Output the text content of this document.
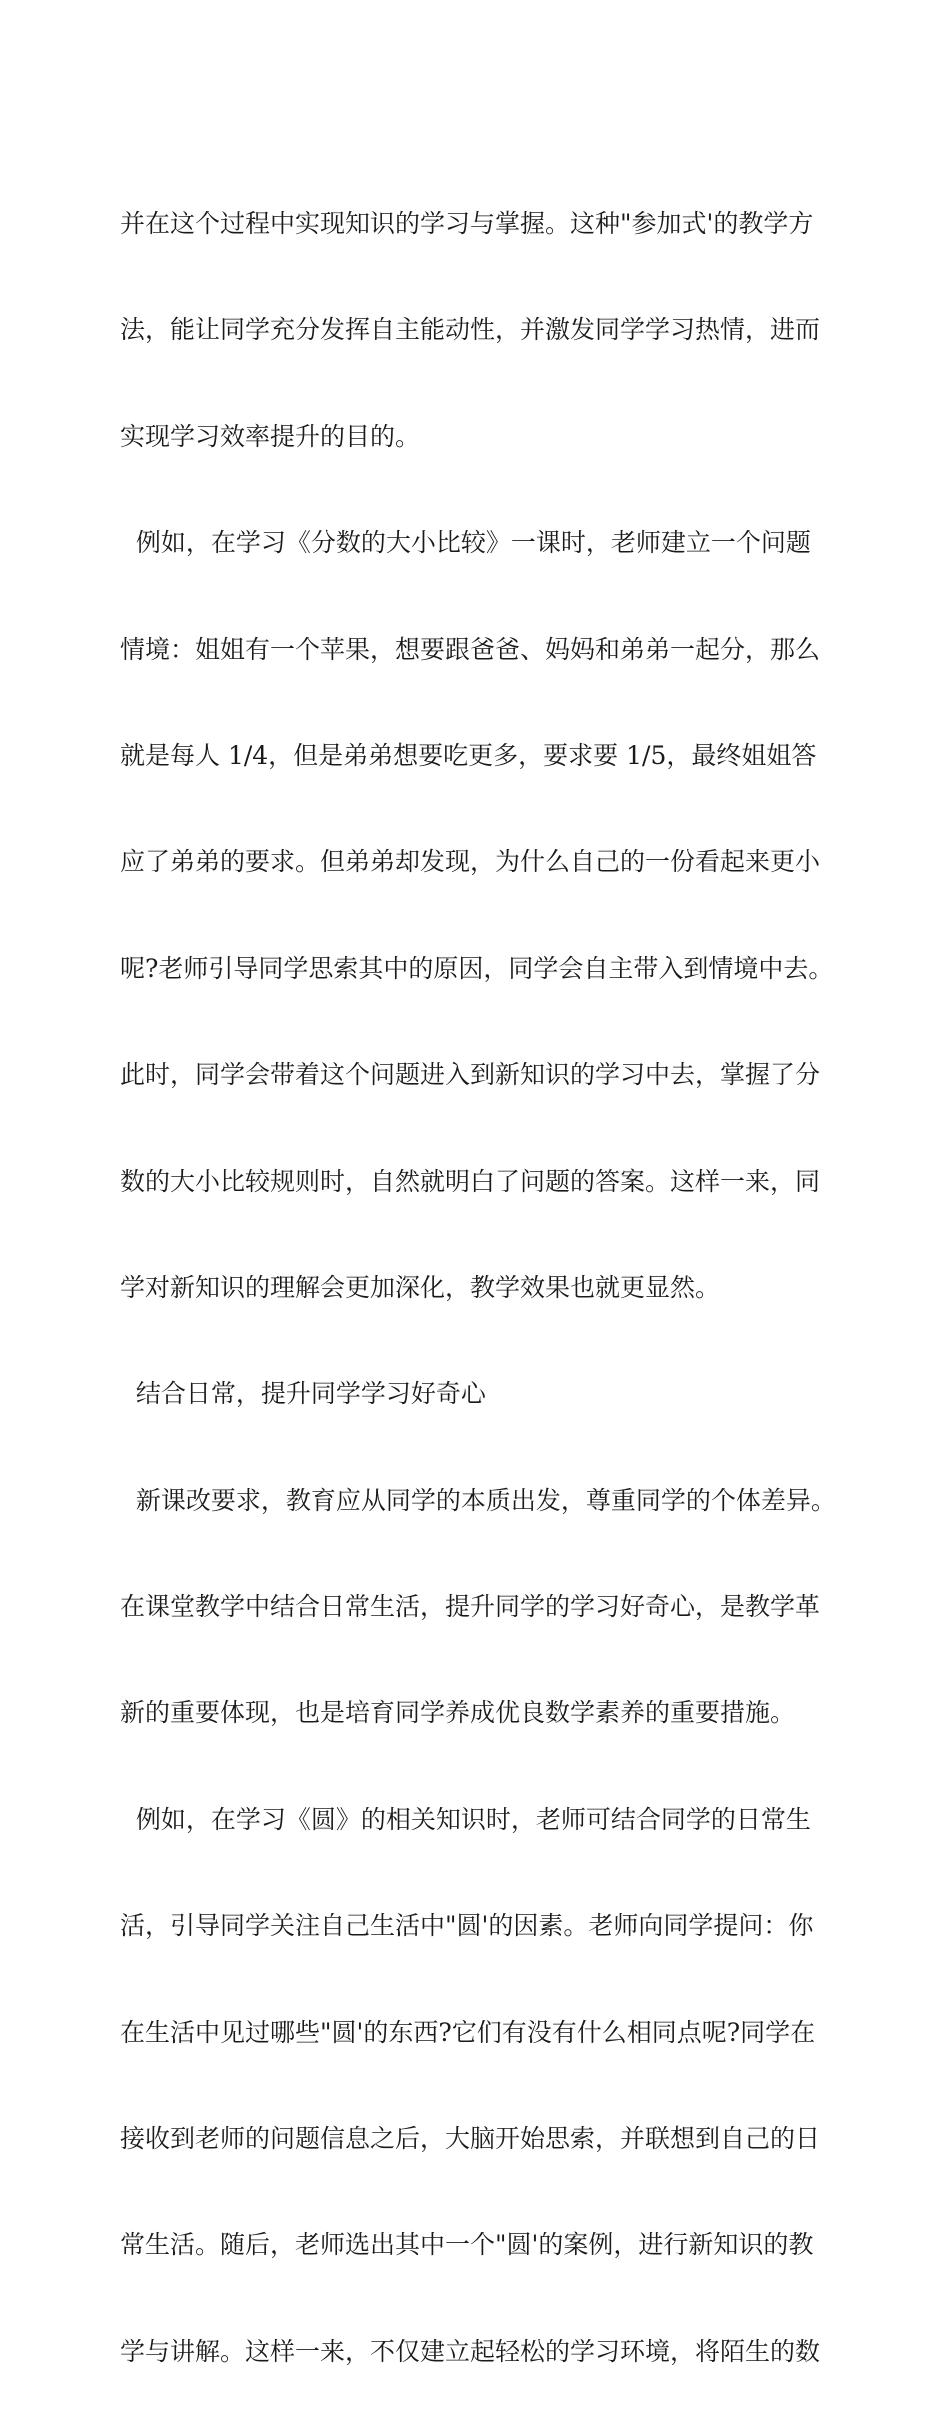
并在这个过程中实现知识的学习与掌握。这种"参加式'的教学方

法，能让同学充分发挥自主能动性，并激发同学学习热情，进而

实现学习效率提升的目的。

例如，在学习《分数的大小比较》一课时，老师建立一个问题

情境：姐姐有一个苹果，想要跟爸爸、妈妈和弟弟一起分，那么

就是每人 1/4，但是弟弟想要吃更多，要求要 1/5，最终姐姐答

应了弟弟的要求。但弟弟却发现，为什么自己的一份看起来更小

呢?老师引导同学思索其中的原因，同学会自主带入到情境中去。

此时，同学会带着这个问题进入到新知识的学习中去，掌握了分

数的大小比较规则时，自然就明白了问题的答案。这样一来，同

学对新知识的理解会更加深化，教学效果也就更显然。

结合日常，提升同学学习好奇心

新课改要求，教育应从同学的本质出发，尊重同学的个体差异。

在课堂教学中结合日常生活，提升同学的学习好奇心，是教学革

新的重要体现，也是培育同学养成优良数学素养的重要措施。

例如，在学习《圆》的相关知识时，老师可结合同学的日常生

活，引导同学关注自己生活中"圆'的因素。老师向同学提问：你

在生活中见过哪些"圆'的东西?它们有没有什么相同点呢?同学在

接收到老师的问题信息之后，大脑开始思索，并联想到自己的日

常生活。随后，老师选出其中一个"圆'的案例，进行新知识的教

学与讲解。这样一来，不仅建立起轻松的学习环境，将陌生的数
